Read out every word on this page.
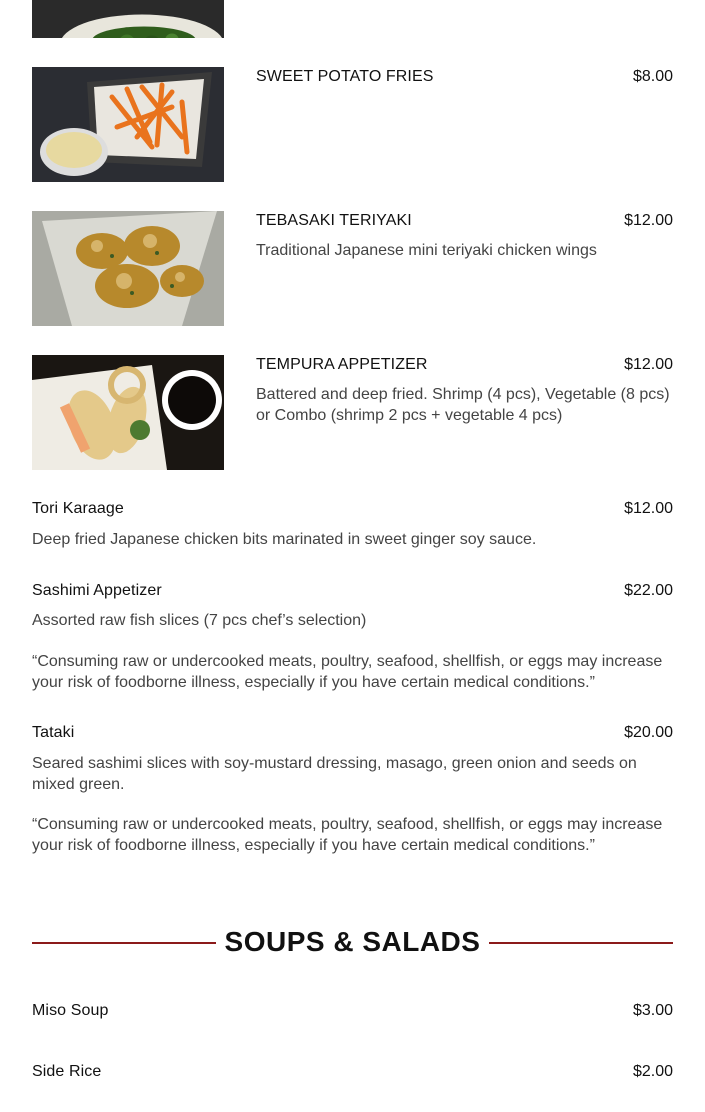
SWEET POTATO FRIES	$8.00
TEBASAKI TERIYAKI	$12.00
Traditional Japanese mini teriyaki chicken wings
TEMPURA APPETIZER	$12.00
Battered and deep fried. Shrimp (4 pcs), Vegetable (8 pcs) or Combo (shrimp 2 pcs + vegetable 4 pcs)
Tori Karaage	$12.00
Deep fried Japanese chicken bits marinated in sweet ginger soy sauce.
Sashimi Appetizer	$22.00
Assorted raw fish slices (7 pcs chef’s selection)
“Consuming raw or undercooked meats, poultry, seafood, shellfish, or eggs may increase your risk of foodborne illness, especially if you have certain medical conditions.”
Tataki	$20.00
Seared sashimi slices with soy-mustard dressing, masago, green onion and seeds on mixed green.
“Consuming raw or undercooked meats, poultry, seafood, shellfish, or eggs may increase your risk of foodborne illness, especially if you have certain medical conditions.”
SOUPS & SALADS
Miso Soup	$3.00
Side Rice	$2.00
